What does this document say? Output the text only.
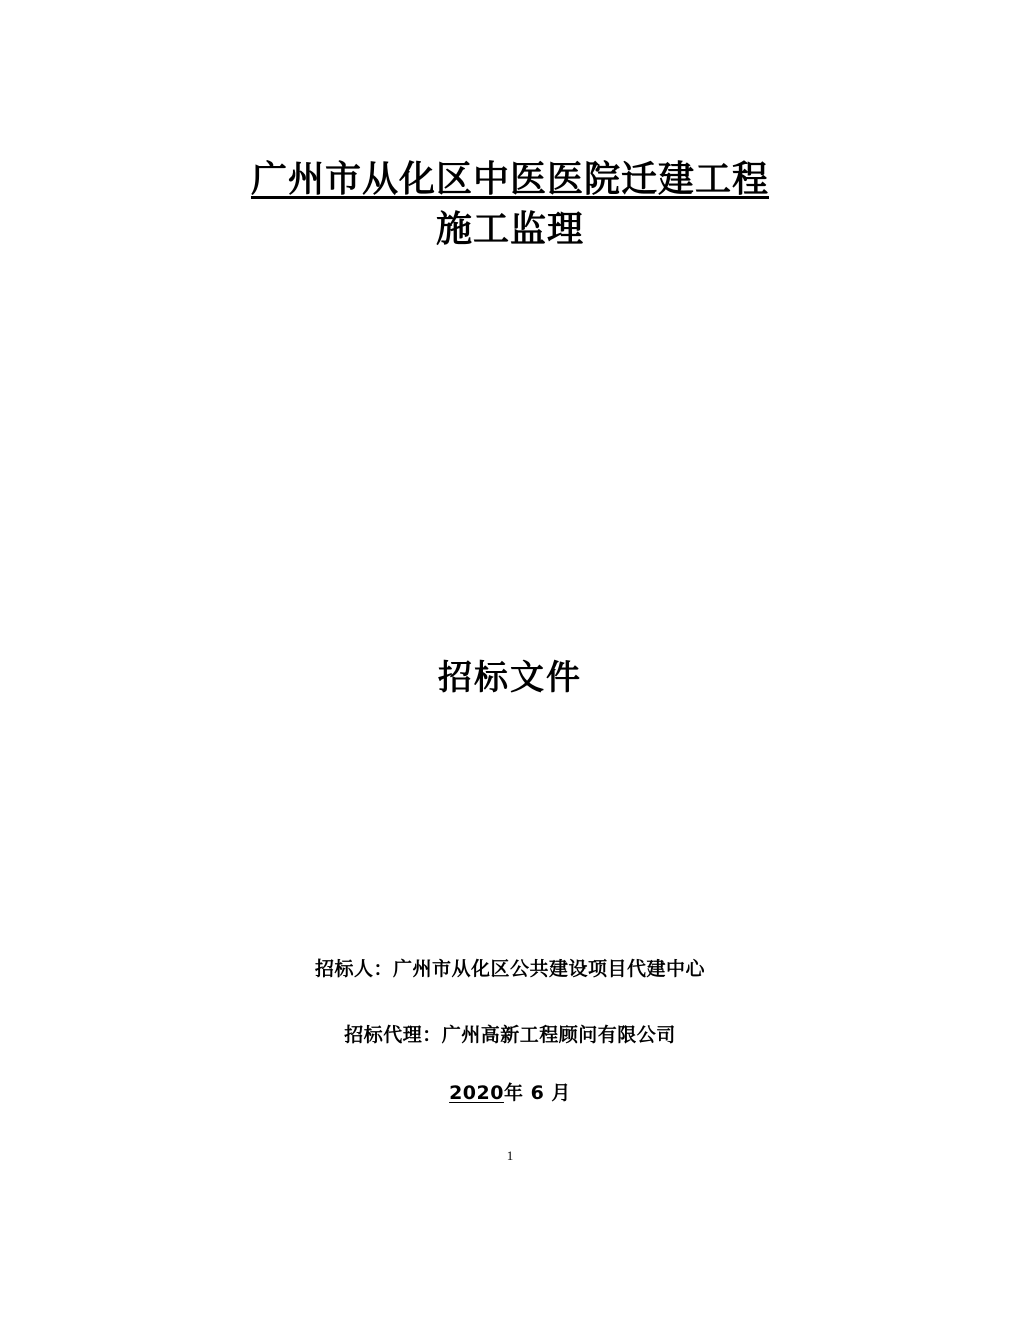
广州市从化区中医医院迁建工程
施工监理
招标文件
招标人：广州市从化区公共建设项目代建中心
招标代理：广州高新工程顾问有限公司
2020年 6 月
1
